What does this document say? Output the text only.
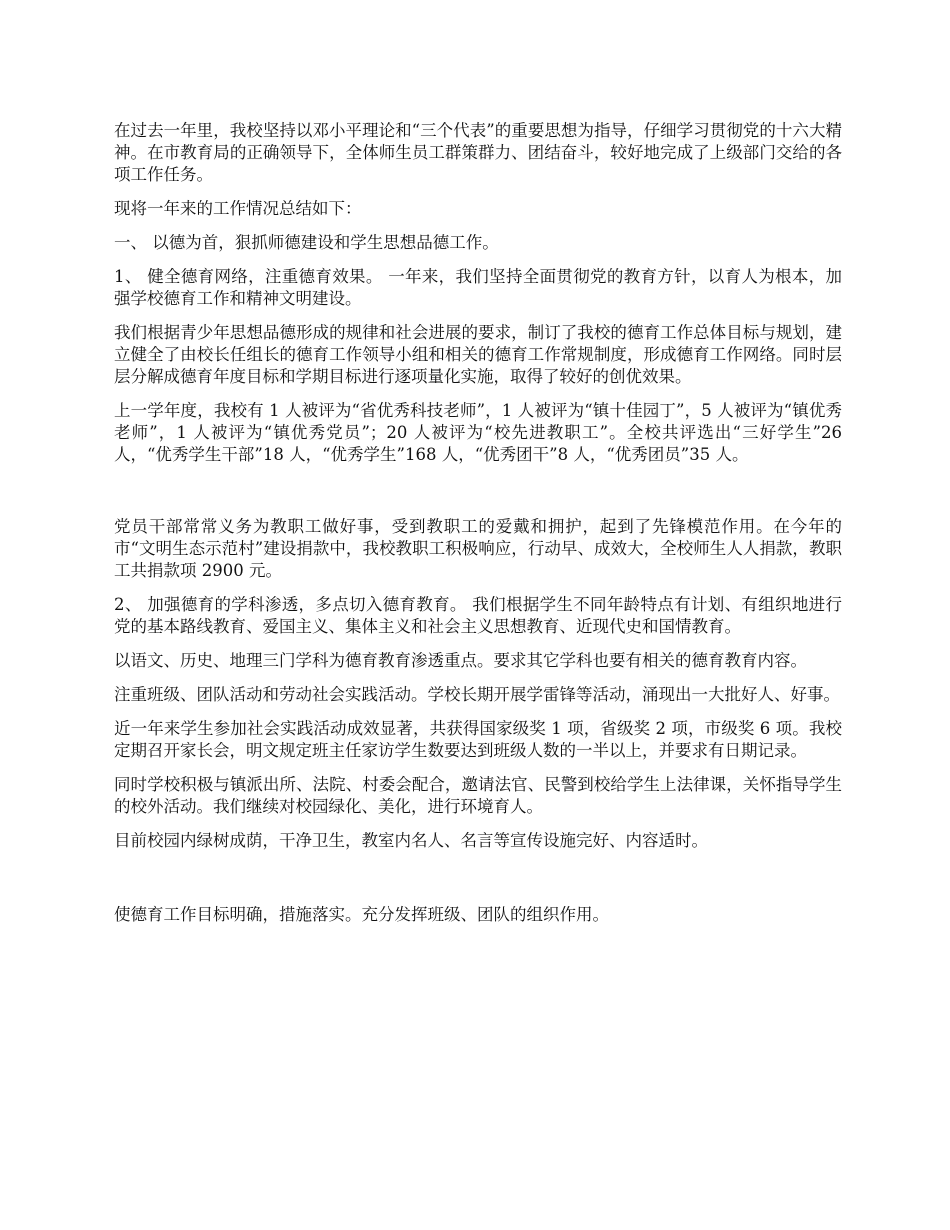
在过去一年里，我校坚持以邓小平理论和“三个代表”的重要思想为指导，仔细学习贯彻党的十六大精神。在市教育局的正确领导下，全体师生员工群策群力、团结奋斗，较好地完成了上级部门交给的各项工作任务。

现将一年来的工作情况总结如下：

一、 以德为首，狠抓师德建设和学生思想品德工作。

1、 健全德育网络，注重德育效果。 一年来，我们坚持全面贯彻党的教育方针，以育人为根本，加强学校德育工作和精神文明建设。

我们根据青少年思想品德形成的规律和社会进展的要求，制订了我校的德育工作总体目标与规划，建立健全了由校长任组长的德育工作领导小组和相关的德育工作常规制度，形成德育工作网络。同时层层分解成德育年度目标和学期目标进行逐项量化实施，取得了较好的创优效果。

上一学年度，我校有 1 人被评为“省优秀科技老师”，1 人被评为“镇十佳园丁”，5 人被评为“镇优秀老师”，1 人被评为“镇优秀党员”；20 人被评为“校先进教职工”。全校共评选出“三好学生”26 人，“优秀学生干部”18 人，“优秀学生”168 人，“优秀团干”8 人，“优秀团员”35 人。

党员干部常常义务为教职工做好事，受到教职工的爱戴和拥护，起到了先锋模范作用。在今年的市“文明生态示范村”建设捐款中，我校教职工积极响应，行动早、成效大，全校师生人人捐款，教职工共捐款项 2900 元。

2、 加强德育的学科渗透，多点切入德育教育。 我们根据学生不同年龄特点有计划、有组织地进行党的基本路线教育、爱国主义、集体主义和社会主义思想教育、近现代史和国情教育。

以语文、历史、地理三门学科为德育教育渗透重点。要求其它学科也要有相关的德育教育内容。

注重班级、团队活动和劳动社会实践活动。学校长期开展学雷锋等活动，涌现出一大批好人、好事。

近一年来学生参加社会实践活动成效显著，共获得国家级奖 1 项，省级奖 2 项，市级奖 6 项。我校定期召开家长会，明文规定班主任家访学生数要达到班级人数的一半以上，并要求有日期记录。

同时学校积极与镇派出所、法院、村委会配合，邀请法官、民警到校给学生上法律课，关怀指导学生的校外活动。我们继续对校园绿化、美化，进行环境育人。

目前校园内绿树成荫，干净卫生，教室内名人、名言等宣传设施完好、内容适时。

使德育工作目标明确，措施落实。充分发挥班级、团队的组织作用。
